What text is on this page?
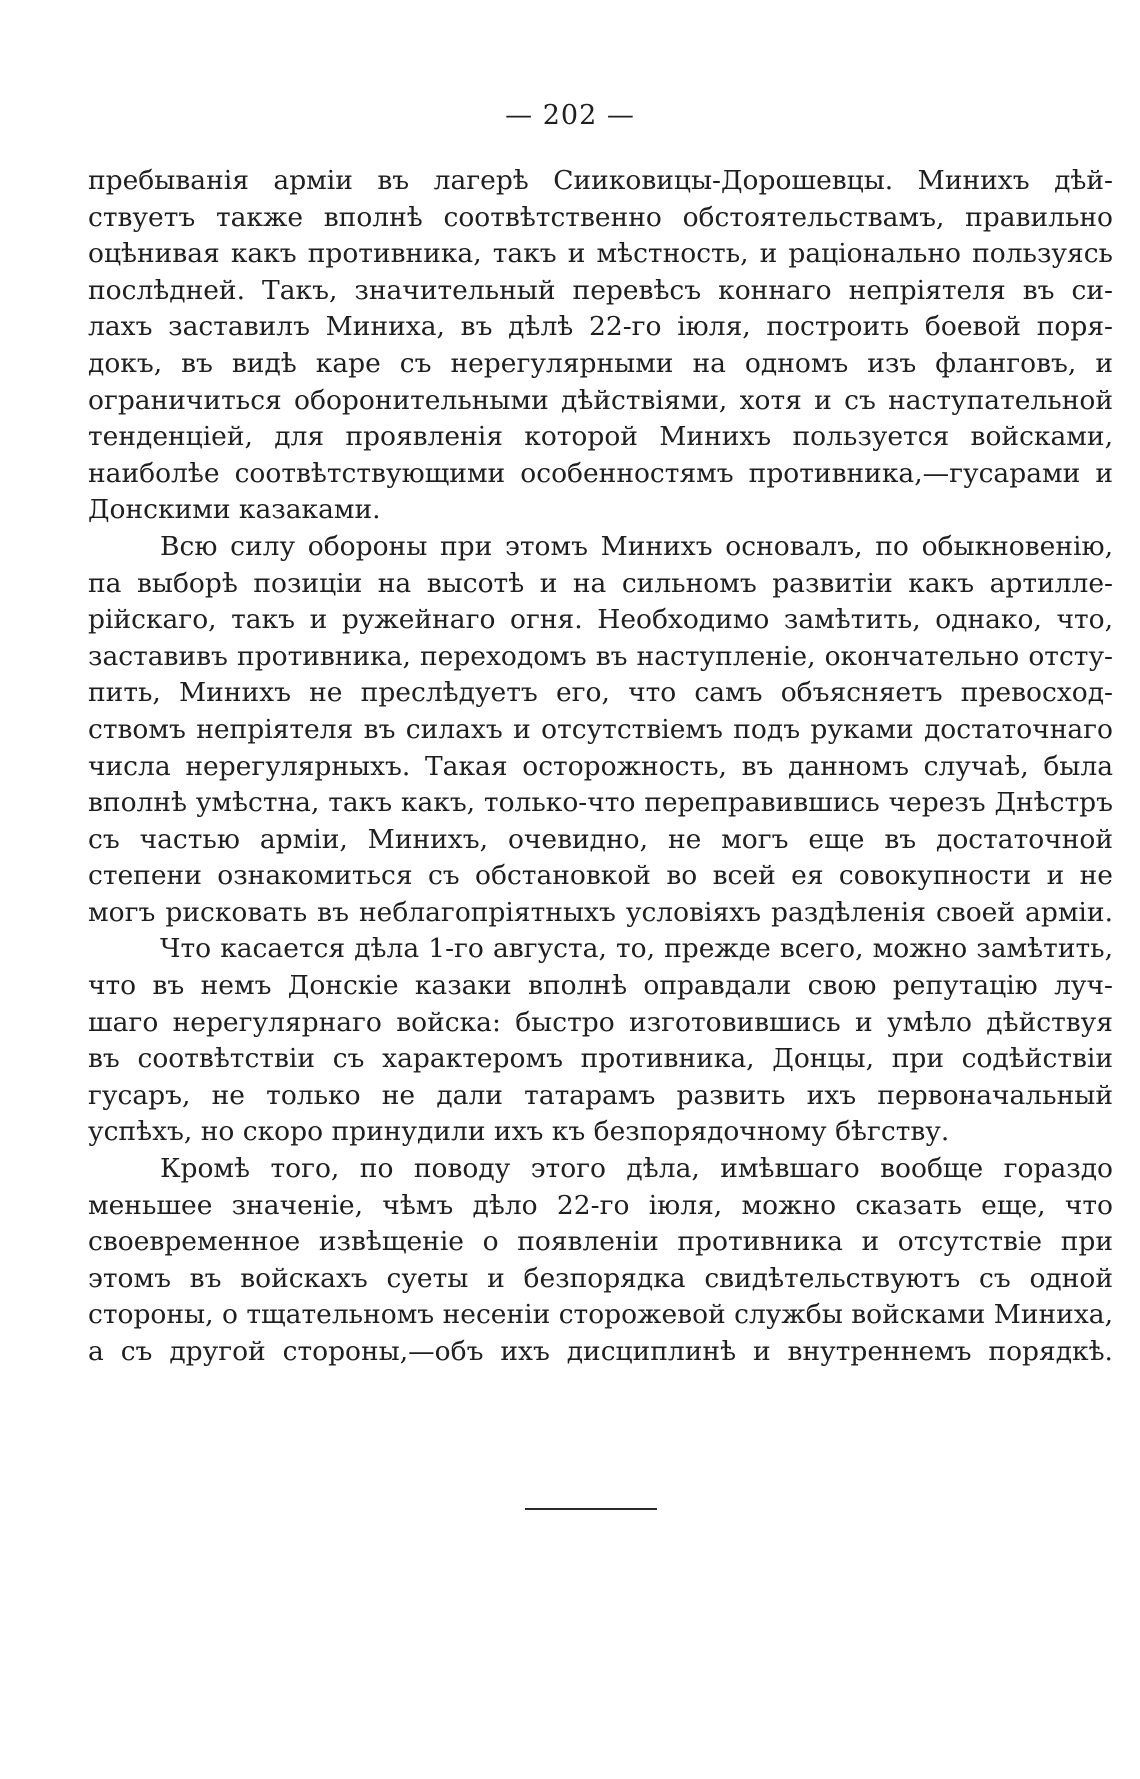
— 202 —
пребыванія арміи въ лагерѣ Сииковицы-Дорошевцы. Минихъ дѣй-
ствуетъ также вполнѣ соотвѣтственно обстоятельствамъ, правильно
оцѣнивая какъ противника, такъ и мѣстность, и раціонально пользуясь
послѣдней. Такъ, значительный перевѣсъ коннаго непріятеля въ си-
лахъ заставилъ Миниха, въ дѣлѣ 22-го іюля, построить боевой поря-
докъ, въ видѣ каре съ нерегулярными на одномъ изъ фланговъ, и
ограничиться оборонительными дѣйствіями, хотя и съ наступательной
тенденціей, для проявленія которой Минихъ пользуется войсками,
наиболѣе соотвѣтствующими особенностямъ противника,—гусарами и
Донскими казаками.
Всю силу обороны при этомъ Минихъ основалъ, по обыкновенію,
па выборѣ позиціи на высотѣ и на сильномъ развитіи какъ артилле-
рійскаго, такъ и ружейнаго огня. Необходимо замѣтить, однако, что,
заставивъ противника, переходомъ въ наступленіе, окончательно отсту-
пить, Минихъ не преслѣдуетъ его, что самъ объясняетъ превосход-
ствомъ непріятеля въ силахъ и отсутствіемъ подъ руками достаточнаго
числа нерегулярныхъ. Такая осторожность, въ данномъ случаѣ, была
вполнѣ умѣстна, такъ какъ, только-что переправившись черезъ Днѣстръ
съ частью арміи, Минихъ, очевидно, не могъ еще въ достаточной
степени ознакомиться съ обстановкой во всей ея совокупности и не
могъ рисковать въ неблагопріятныхъ условіяхъ раздѣленія своей арміи.
Что касается дѣла 1-го августа, то, прежде всего, можно замѣтить,
что въ немъ Донскіе казаки вполнѣ оправдали свою репутацію луч-
шаго нерегулярнаго войска: быстро изготовившись и умѣло дѣйствуя
въ соотвѣтствіи съ характеромъ противника, Донцы, при содѣйствіи
гусаръ, не только не дали татарамъ развить ихъ первоначальный
успѣхъ, но скоро принудили ихъ къ безпорядочному бѣгству.
Кромѣ того, по поводу этого дѣла, имѣвшаго вообще гораздо
меньшее значеніе, чѣмъ дѣло 22-го іюля, можно сказать еще, что
своевременное извѣщеніе о появленіи противника и отсутствіе при
этомъ въ войскахъ суеты и безпорядка свидѣтельствуютъ съ одной
стороны, о тщательномъ несеніи сторожевой службы войсками Миниха,
а съ другой стороны,—объ ихъ дисциплинѣ и внутреннемъ порядкѣ.
